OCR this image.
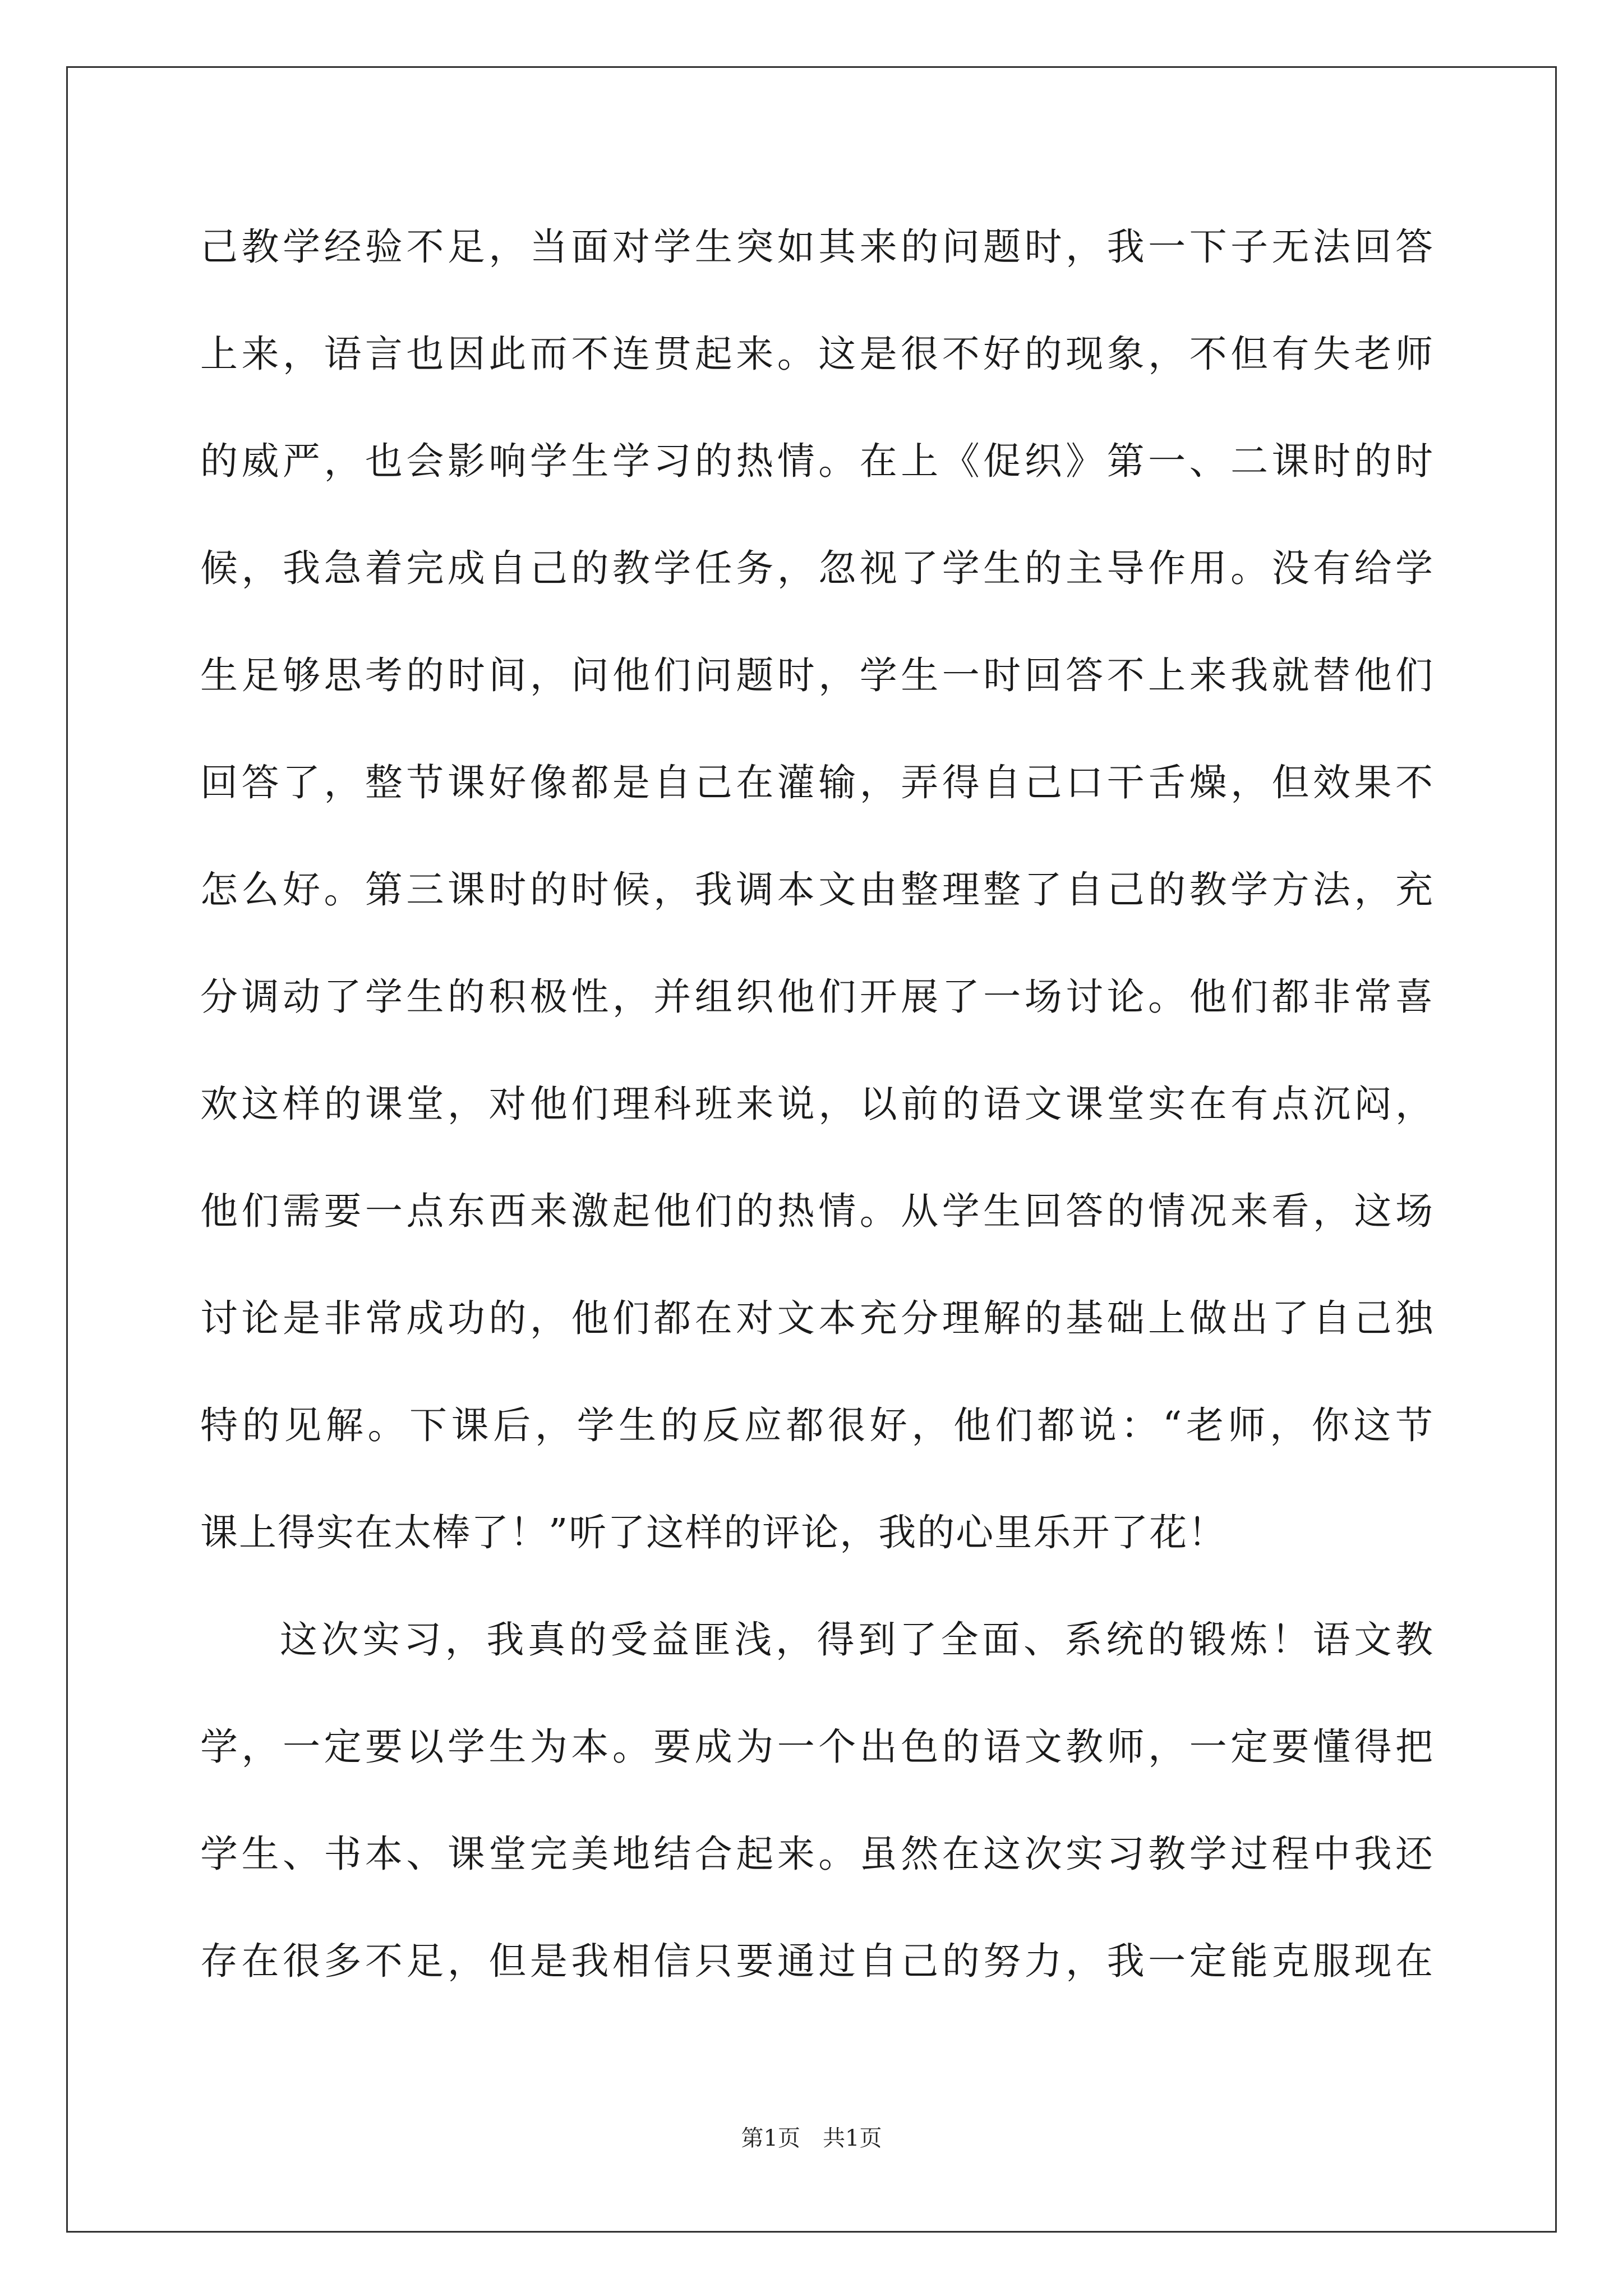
己教学经验不足，当面对学生突如其来的问题时，我一下子无法回答
上来，语言也因此而不连贯起来。这是很不好的现象，不但有失老师
的威严，也会影响学生学习的热情。在上《促织》第一、二课时的时
候，我急着完成自己的教学任务，忽视了学生的主导作用。没有给学
生足够思考的时间，问他们问题时，学生一时回答不上来我就替他们
回答了，整节课好像都是自己在灌输，弄得自己口干舌燥，但效果不
怎么好。第三课时的时候，我调本文由整理整了自己的教学方法，充
分调动了学生的积极性，并组织他们开展了一场讨论。他们都非常喜
欢这样的课堂，对他们理科班来说，以前的语文课堂实在有点沉闷，
他们需要一点东西来激起他们的热情。从学生回答的情况来看，这场
讨论是非常成功的，他们都在对文本充分理解的基础上做出了自己独
特的见解。下课后，学生的反应都很好，他们都说：“老师，你这节
课上得实在太棒了！”听了这样的评论，我的心里乐开了花！
这次实习，我真的受益匪浅，得到了全面、系统的锻炼！语文教
学，一定要以学生为本。要成为一个出色的语文教师，一定要懂得把
学生、书本、课堂完美地结合起来。虽然在这次实习教学过程中我还
存在很多不足，但是我相信只要通过自己的努力，我一定能克服现在
第1页 共1页
